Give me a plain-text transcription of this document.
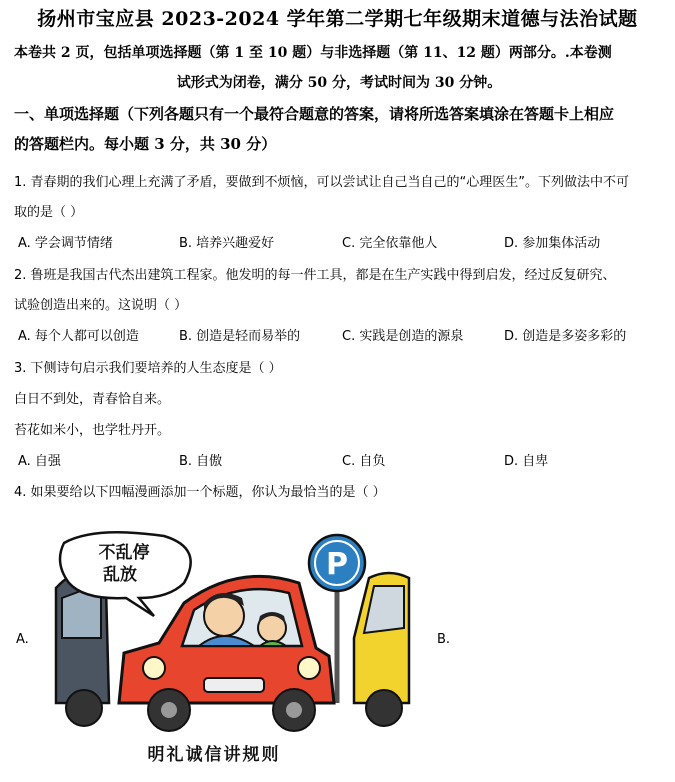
扬州市宝应县 2023-2024 学年第二学期七年级期末道德与法治试题
本卷共 2 页，包括单项选择题（第 1 至 10 题）与非选择题（第 11、12 题）两部分。.本卷测
试形式为闭卷，满分 50 分，考试时间为 30 分钟。
一、单项选择题（下列各题只有一个最符合题意的答案，请将所选答案填涂在答题卡上相应
的答题栏内。每小题 3 分，共 30 分）
1. 青春期的我们心理上充满了矛盾，要做到不烦恼，可以尝试让自己当自己的“心理医生”。下列做法中不可
取的是（ ）
A. 学会调节情绪	B. 培养兴趣爱好	C. 完全依靠他人	D. 参加集体活动
2. 鲁班是我国古代杰出建筑工程家。他发明的每一件工具，都是在生产实践中得到启发，经过反复研究、
试验创造出来的。这说明（ ）
A. 每个人都可以创造	B. 创造是轻而易举的	C. 实践是创造的源泉	D. 创造是多姿多彩的
3. 下侧诗句启示我们要培养的人生态度是（ ）
白日不到处，青春恰自来。
苔花如米小，也学牡丹开。
A. 自强	B. 自傲	C. 自负	D. 自卑
4. 如果要给以下四幅漫画添加一个标题，你认为最恰当的是（ ）
A.	B.
P
不乱停
乱放
明礼诚信讲规则
